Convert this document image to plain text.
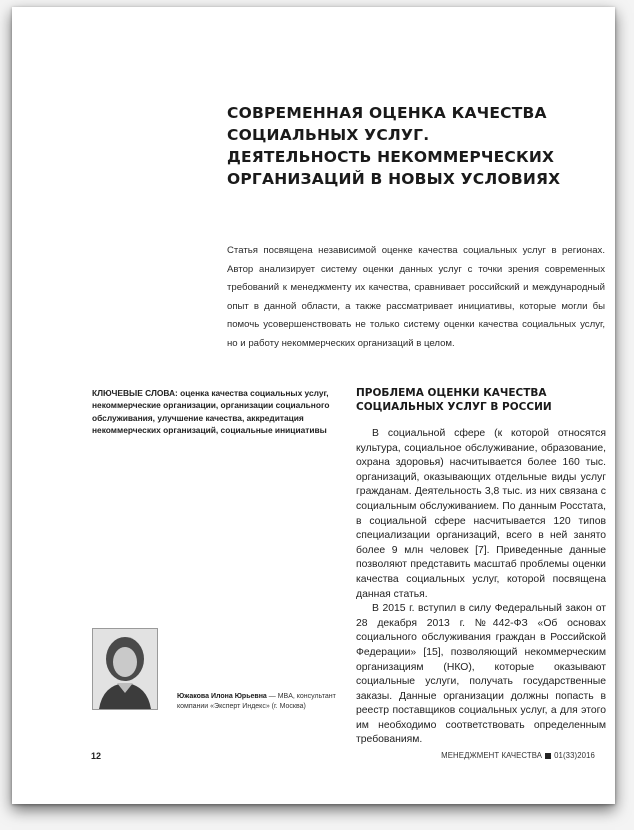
СОВРЕМЕННАЯ ОЦЕНКА КАЧЕСТВА СОЦИАЛЬНЫХ УСЛУГ. ДЕЯТЕЛЬНОСТЬ НЕКОММЕРЧЕСКИХ ОРГАНИЗАЦИЙ В НОВЫХ УСЛОВИЯХ
Статья посвящена независимой оценке качества социальных услуг в регионах. Автор анализирует систему оценки данных услуг с точки зрения современных требований к менеджменту их качества, сравнивает российский и международный опыт в данной области, а также рассматривает инициативы, которые могли бы помочь усовершенствовать не только систему оценки качества социальных услуг, но и работу некоммерческих организаций в целом.
КЛЮЧЕВЫЕ СЛОВА: оценка качества социальных услуг, некоммерческие организации, организации социального обслуживания, улучшение качества, аккредитация некоммерческих организаций, социальные инициативы
ПРОБЛЕМА ОЦЕНКИ КАЧЕСТВА СОЦИАЛЬНЫХ УСЛУГ В РОССИИ

В социальной сфере (к которой относятся культура, социальное обслуживание, образование, охрана здоровья) насчитывается более 160 тыс. организаций, оказывающих отдельные виды услуг гражданам. Деятельность 3,8 тыс. из них связана с социальным обслуживанием. По данным Росстата, в социальной сфере насчитывается 120 типов специализации организаций, всего в ней занято более 9 млн человек [7]. Приведенные данные позволяют представить масштаб проблемы оценки качества социальных услуг, которой посвящена данная статья.

В 2015 г. вступил в силу Федеральный закон от 28 декабря 2013 г. №442-ФЗ «Об основах социального обслуживания граждан в Российской Федерации» [15], позволяющий некоммерческим организациям (НКО), которые оказывают социальные услуги, получать государственные заказы. Данные организации должны попасть в реестр поставщиков социальных услуг, а для этого им необходимо соответствовать определенным требованиям.

Южакова Илона Юрьевна — MBA, консультант компании «Эксперт Индекс» (г. Москва)
12	МЕНЕДЖМЕНТ КАЧЕСТВА 01(33)2016
